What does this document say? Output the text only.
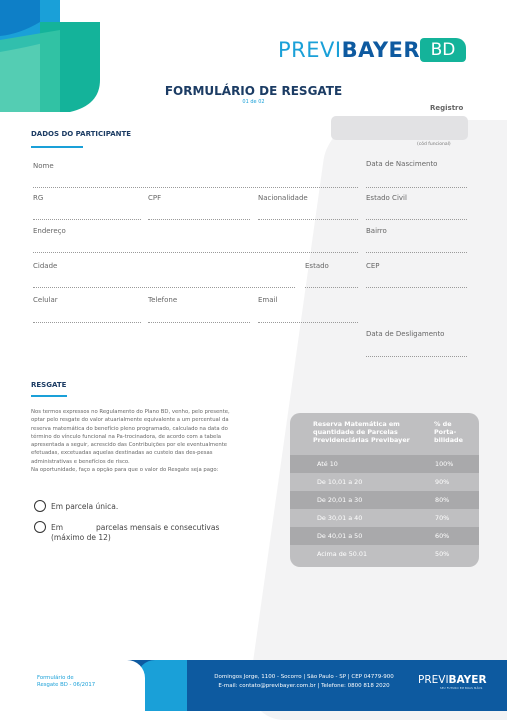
PREVIBAYER BD
FORMULÁRIO DE RESGATE
01 de 02
Registro
(cód funcional)
DADOS DO PARTICIPANTE
Nome	Data de Nascimento
RG	CPF	Nacionalidade	Estado Civil
Endereço	Bairro
Cidade	Estado	CEP
Celular	Telefone	Email
Data de Desligamento
RESGATE
Nos termos expressos no Regulamento do Plano BD, venho, pelo presente,
optar pelo resgate do valor atuarialmente equivalente a um percentual da
reserva matemática do benefício pleno programado, calculado na data do
término do vínculo funcional na Pa-trocinadora, de acordo com a tabela
apresentada a seguir, acrescido das Contribuições por ele eventualmente
efetuadas, excetuadas aquelas destinadas ao custeio das des-pesas
administrativas e benefícios de risco.
Na oportunidade, faço a opção para que o valor do Resgate seja pago:
Em parcela única.
Em	parcelas mensais e consecutivas
(máximo de 12)
Reserva Matemática em
quantidade de Parcelas
Previdenciárias Previbayer
% de
Porta-
bilidade
Até 10	100%
De 10,01 a 20	90%
De 20,01 a 30	80%
De 30,01 a 40	70%
De 40,01 a 50	60%
Acima de 50.01	50%
Formulário de
Resgate BD - 06/2017
Domingos Jorge, 1100 - Socorro | São Paulo - SP | CEP 04779-900
E-mail: contato@previbayer.com.br | Telefone: 0800 818 2020	PREVIBAYER
SEU FUTURO EM BOAS MÃOS
